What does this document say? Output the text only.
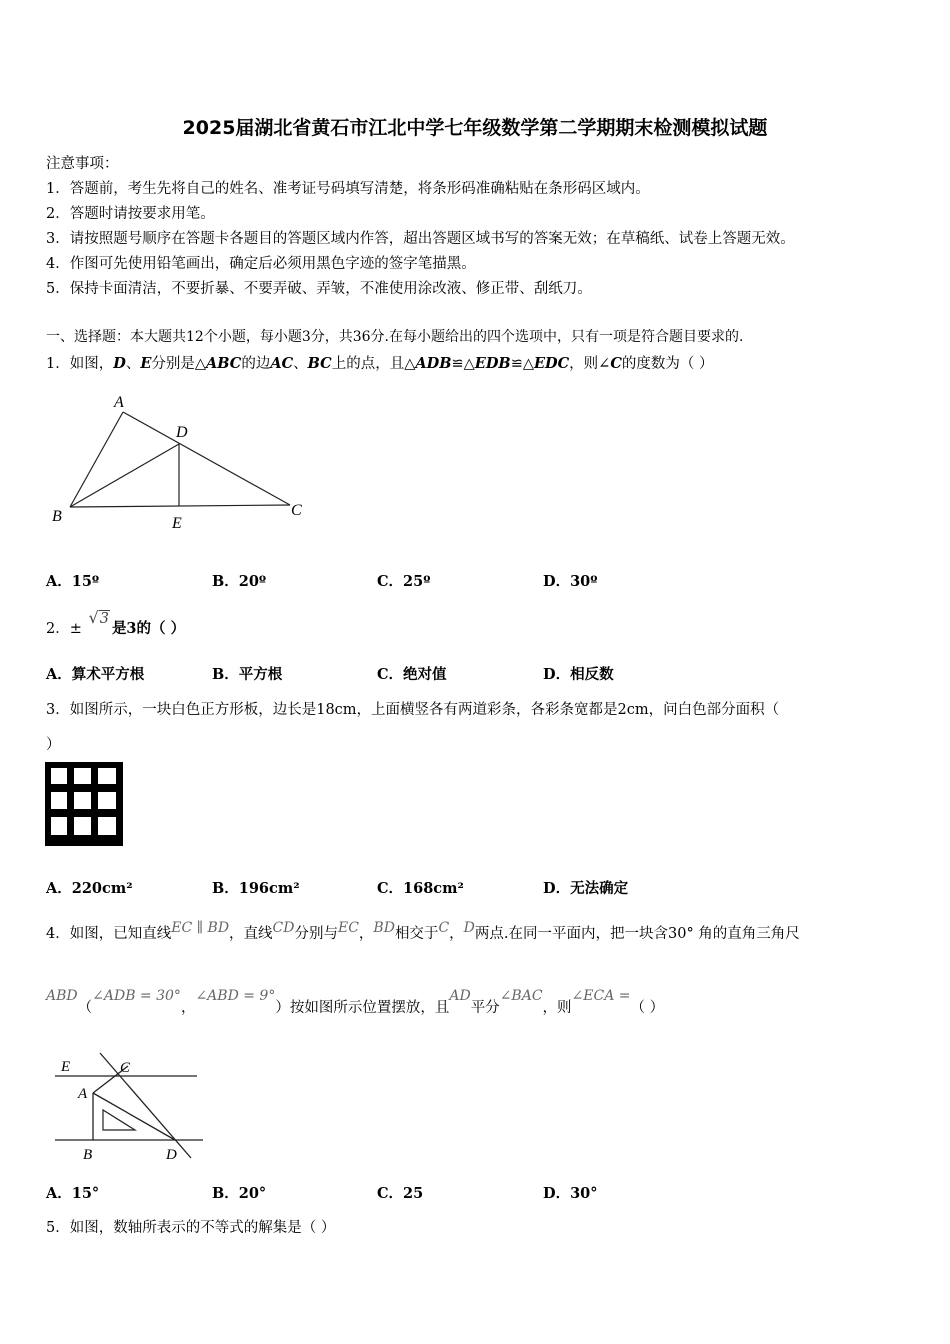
2025届湖北省黄石市江北中学七年级数学第二学期期末检测模拟试题
注意事项：
1．答题前，考生先将自己的姓名、准考证号码填写清楚，将条形码准确粘贴在条形码区域内。
2．答题时请按要求用笔。
3．请按照题号顺序在答题卡各题目的答题区域内作答，超出答题区域书写的答案无效；在草稿纸、试卷上答题无效。
4．作图可先使用铅笔画出，确定后必须用黑色字迹的签字笔描黑。
5．保持卡面清洁，不要折暴、不要弄破、弄皱，不准使用涂改液、修正带、刮纸刀。
一、选择题：本大题共12个小题，每小题3分，共36分.在每小题给出的四个选项中，只有一项是符合题目要求的.
1．如图，D、E分别是△ABC的边AC、BC上的点，且△ADB≌△EDB≌△EDC，则∠C的度数为（ ）
A
D
B	E
C
A．15º	B．20º	C．25º	D．30º
2．± √3是3的（ ）
A．算术平方根	B．平方根	C．绝对值	D．相反数
3．如图所示，一块白色正方形板，边长是18cm，上面横竖各有两道彩条，各彩条宽都是2cm，问白色部分面积（
）
A．220cm²	B．196cm²	C．168cm²	D．无法确定
4．如图，已知直线EC ∥ BD，直线CD分别与EC，BD相交于C，D两点.在同一平面内，把一块含30° 角的直角三角尺
ABD（∠ADB = 30°，∠ABD = 9°）按如图所示位置摆放，且AD平分∠BAC，则∠ECA =（ ）
E	C
A
B	D
A．15°	B．20°	C．25	D．30°
5．如图，数轴所表示的不等式的解集是（ ）
